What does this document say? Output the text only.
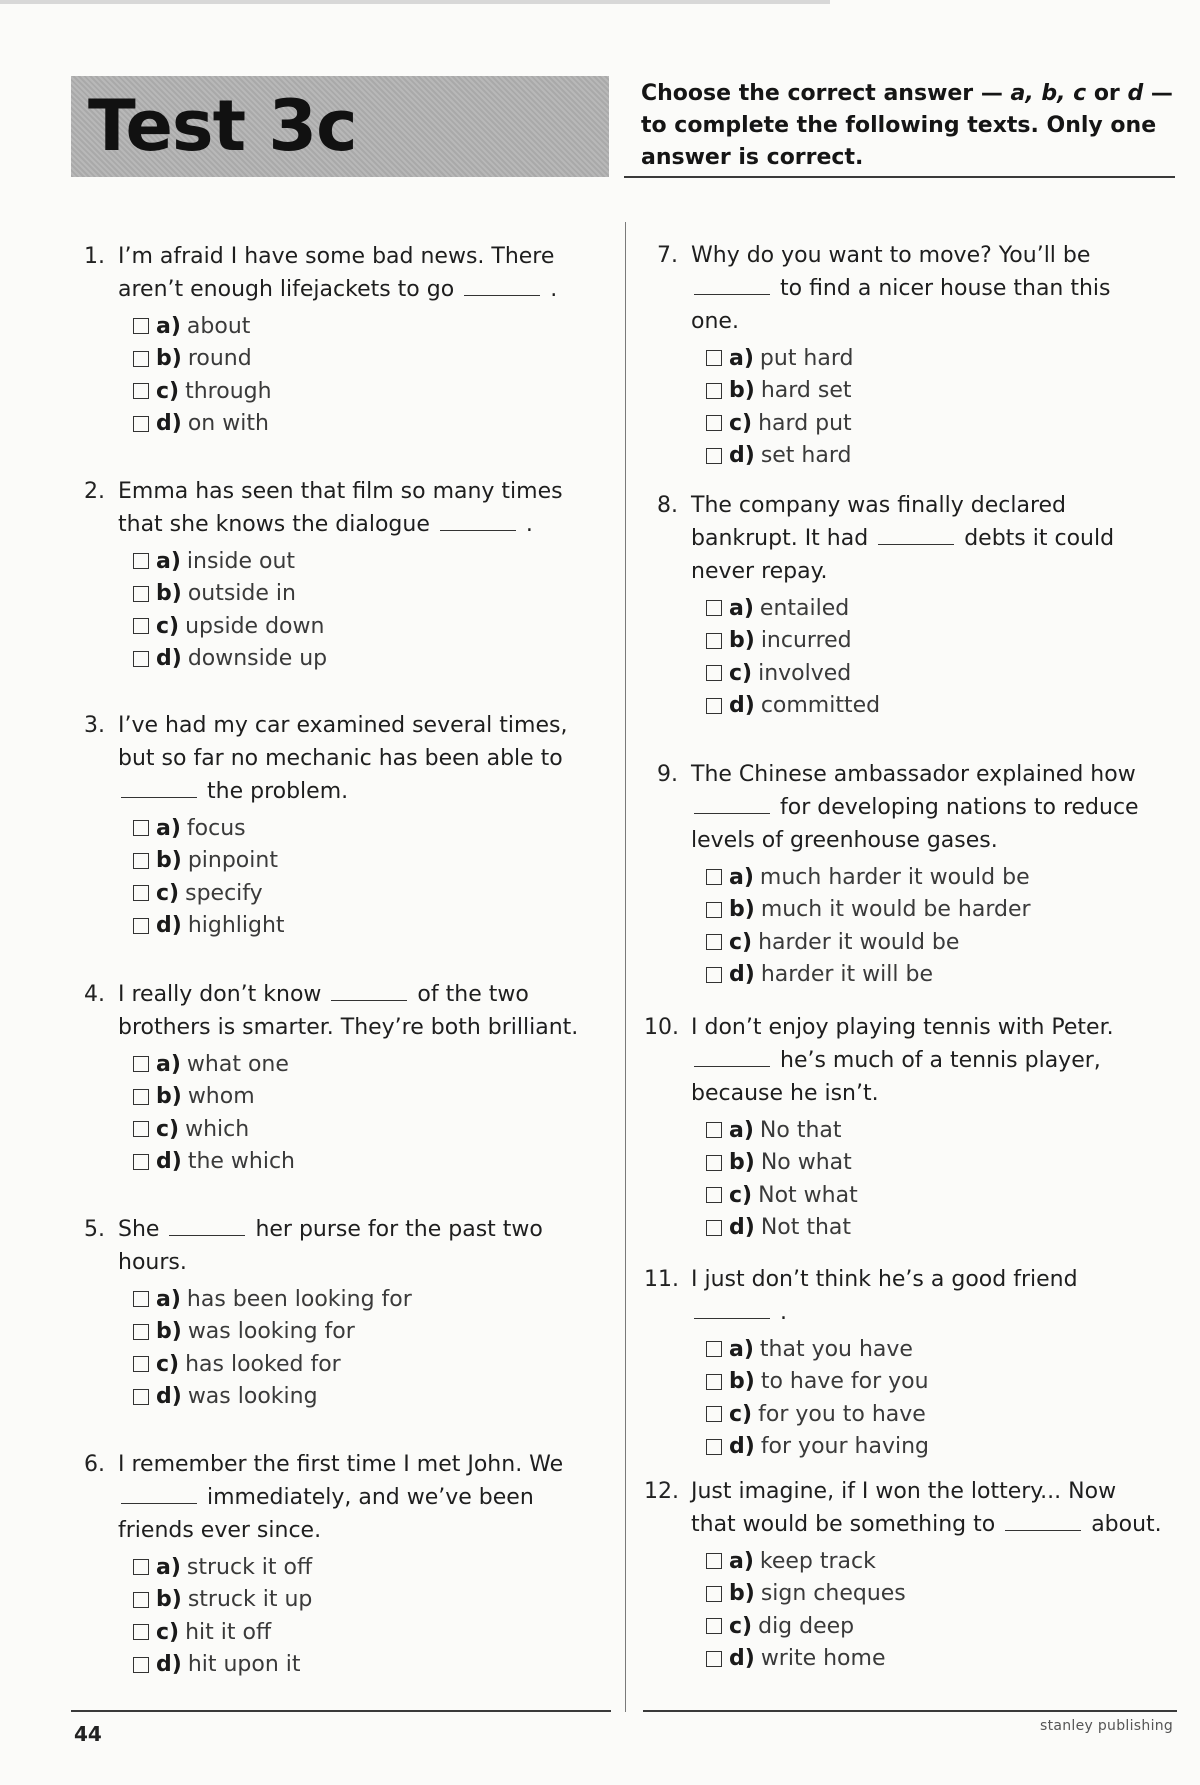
Test 3c	Choose the correct answer — a, b, c or d — to complete the following texts. Only one answer is correct.
1. I’m afraid I have some bad news. There aren’t enough lifejackets to go	.
a) about
b) round
c) through
d) on with
2. Emma has seen that film so many times that she knows the dialogue	.
a) inside out
b) outside in
c) upside down
d) downside up
3. I’ve had my car examined several times, but so far no mechanic has been able to  the problem.
a) focus
b) pinpoint
c) specify
d) highlight
4. I really don’t know	of the two brothers is smarter. They’re both brilliant.
a) what one
b) whom
c) which
d) the which
5. She	her purse for the past two hours.
a) has been looking for
b) was looking for
c) has looked for
d) was looking
6. I remember the first time I met John. We  immediately, and we’ve been friends ever since.
a) struck it off
b) struck it up
c) hit it off
d) hit upon it
7. Why do you want to move? You’ll be  to find a nicer house than this one.
a) put hard
b) hard set
c) hard put
d) set hard
8. The company was finally declared bankrupt. It had	debts it could never repay.
a) entailed
b) incurred
c) involved
d) committed
9. The Chinese ambassador explained how  for developing nations to reduce levels of greenhouse gases.
a) much harder it would be
b) much it would be harder
c) harder it would be
d) harder it will be
10. I don’t enjoy playing tennis with Peter.  he’s much of a tennis player, because he isn’t.
a) No that
b) No what
c) Not what
d) Not that
11. I just don’t think he’s a good friend  .
a) that you have
b) to have for you
c) for you to have
d) for your having
12. Just imagine, if I won the lottery... Now that would be something to	about.
a) keep track
b) sign cheques
c) dig deep
d) write home
44	stanley publishing
